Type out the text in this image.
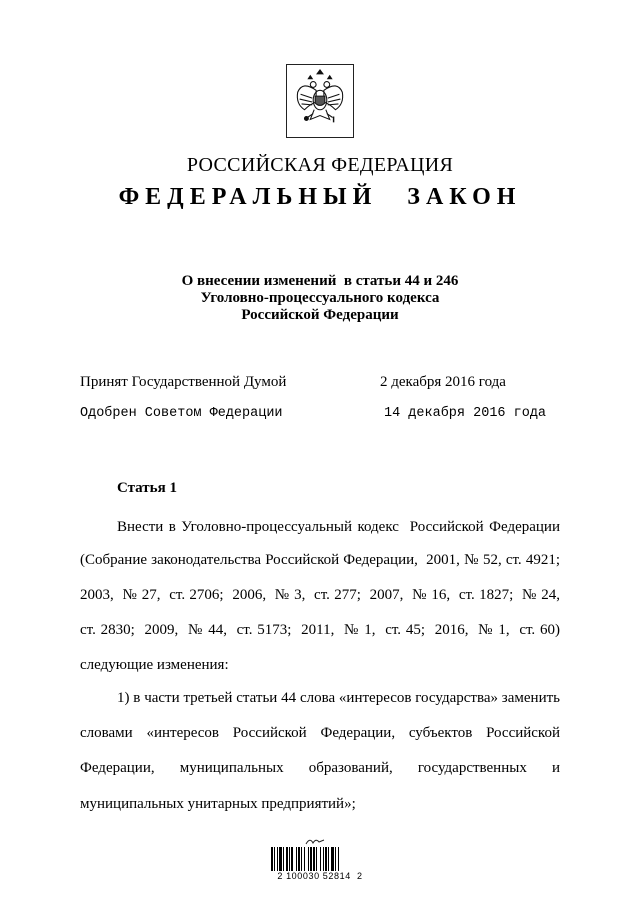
РОССИЙСКАЯ ФЕДЕРАЦИЯ
ФЕДЕРАЛЬНЫЙ ЗАКОН
О внесении изменений  в статьи 44 и 246
Уголовно-процессуального кодекса
Российской Федерации
Принят Государственной Думой	2 декабря 2016 года
Одобрен Советом Федерации	14 декабря 2016 года
Статья 1
Внести в Уголовно-процессуальный кодекс  Российской Федерации
(Собрание законодательства Российской Федерации,  2001, № 52, ст. 4921;
2003,  № 27,  ст. 2706;  2006,  № 3,  ст. 277;  2007,  № 16,  ст. 1827;  № 24,
ст. 2830;  2009,  № 44,  ст. 5173;  2011,  № 1,  ст. 45;  2016,  № 1,  ст. 60)
следующие изменения:
1) в части третьей статьи 44 слова «интересов государства» заменить
словами  «интересов  Российской  Федерации,  субъектов  Российской
Федерации,  муниципальных  образований,  государственных  и
муниципальных унитарных предприятий»;
2 100030 52814  2
